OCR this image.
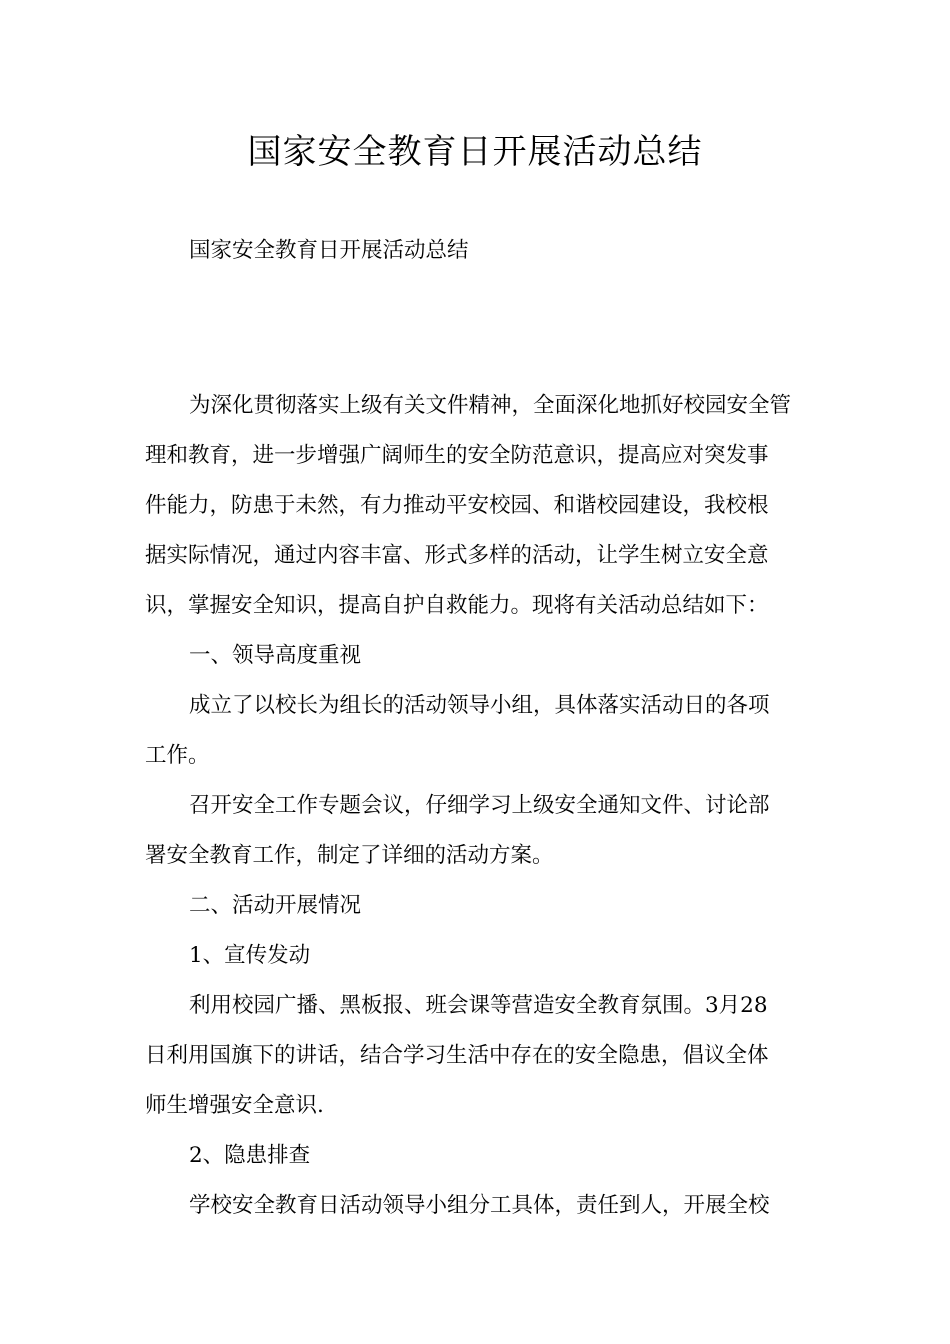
国家安全教育日开展活动总结
国家安全教育日开展活动总结
为深化贯彻落实上级有关文件精神，全面深化地抓好校园安全管
理和教育，进一步增强广阔师生的安全防范意识，提高应对突发事
件能力，防患于未然，有力推动平安校园、和谐校园建设，我校根
据实际情况，通过内容丰富、形式多样的活动，让学生树立安全意
识，掌握安全知识，提高自护自救能力。现将有关活动总结如下：
一、领导高度重视
成立了以校长为组长的活动领导小组，具体落实活动日的各项
工作。
召开安全工作专题会议，仔细学习上级安全通知文件、讨论部
署安全教育工作，制定了详细的活动方案。
二、活动开展情况
1、宣传发动
利用校园广播、黑板报、班会课等营造安全教育氛围。3月28
日利用国旗下的讲话，结合学习生活中存在的安全隐患，倡议全体
师生增强安全意识.
2、隐患排查
学校安全教育日活动领导小组分工具体，责任到人，开展全校
